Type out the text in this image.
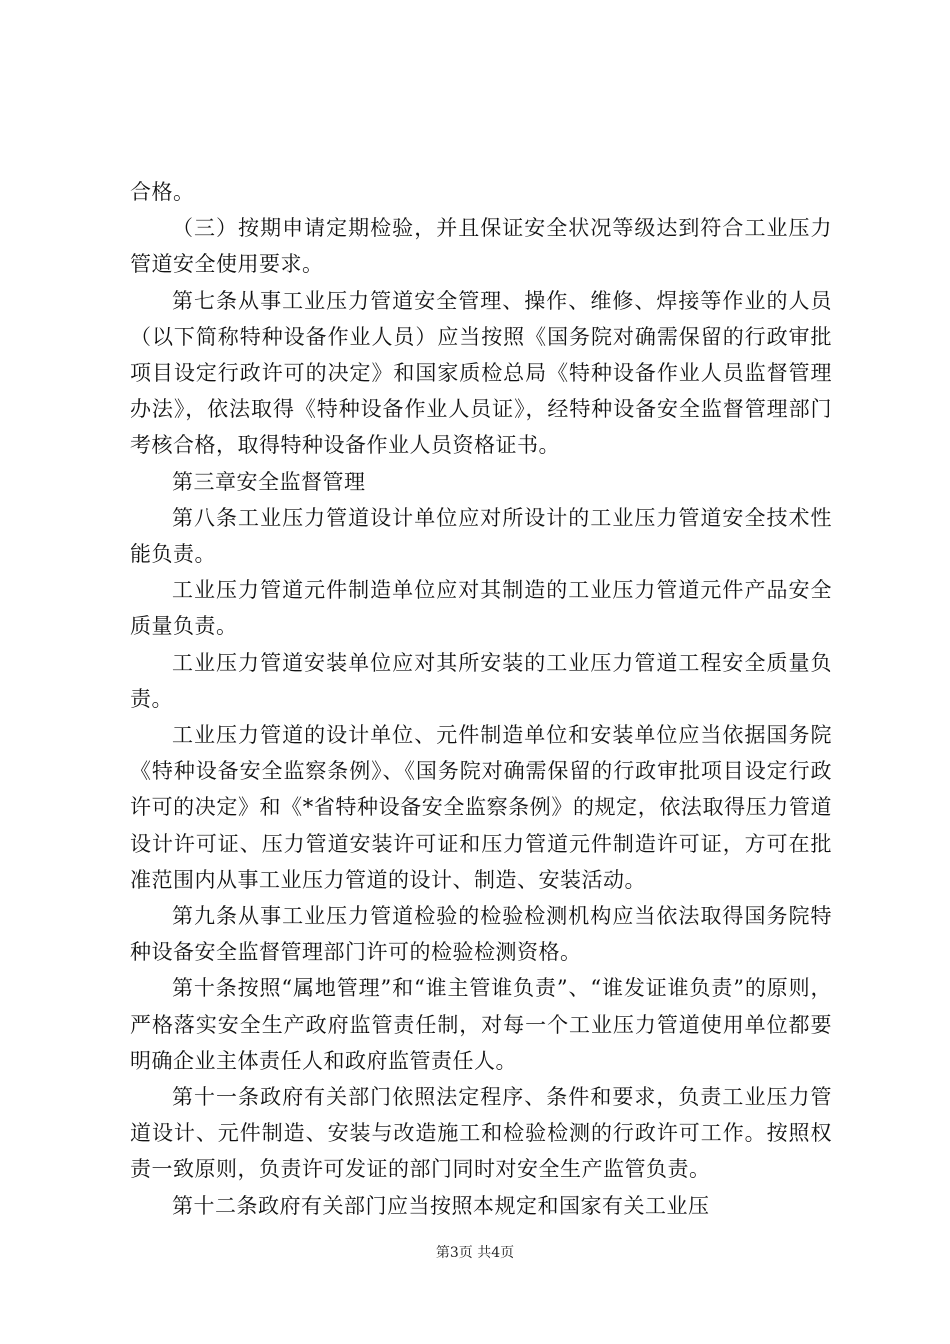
合格。

（三）按期申请定期检验，并且保证安全状况等级达到符合工业压力管道安全使用要求。

第七条从事工业压力管道安全管理、操作、维修、焊接等作业的人员（以下简称特种设备作业人员）应当按照《国务院对确需保留的行政审批项目设定行政许可的决定》和国家质检总局《特种设备作业人员监督管理办法》，依法取得《特种设备作业人员证》，经特种设备安全监督管理部门考核合格，取得特种设备作业人员资格证书。

第三章安全监督管理

第八条工业压力管道设计单位应对所设计的工业压力管道安全技术性能负责。

工业压力管道元件制造单位应对其制造的工业压力管道元件产品安全质量负责。

工业压力管道安装单位应对其所安装的工业压力管道工程安全质量负责。

工业压力管道的设计单位、元件制造单位和安装单位应当依据国务院《特种设备安全监察条例》、《国务院对确需保留的行政审批项目设定行政许可的决定》和《*省特种设备安全监察条例》的规定，依法取得压力管道设计许可证、压力管道安装许可证和压力管道元件制造许可证，方可在批准范围内从事工业压力管道的设计、制造、安装活动。

第九条从事工业压力管道检验的检验检测机构应当依法取得国务院特种设备安全监督管理部门许可的检验检测资格。

第十条按照“属地管理”和“谁主管谁负责”、“谁发证谁负责”的原则，严格落实安全生产政府监管责任制，对每一个工业压力管道使用单位都要明确企业主体责任人和政府监管责任人。

第十一条政府有关部门依照法定程序、条件和要求，负责工业压力管道设计、元件制造、安装与改造施工和检验检测的行政许可工作。按照权责一致原则，负责许可发证的部门同时对安全生产监管负责。

第十二条政府有关部门应当按照本规定和国家有关工业压

第3页 共4页
